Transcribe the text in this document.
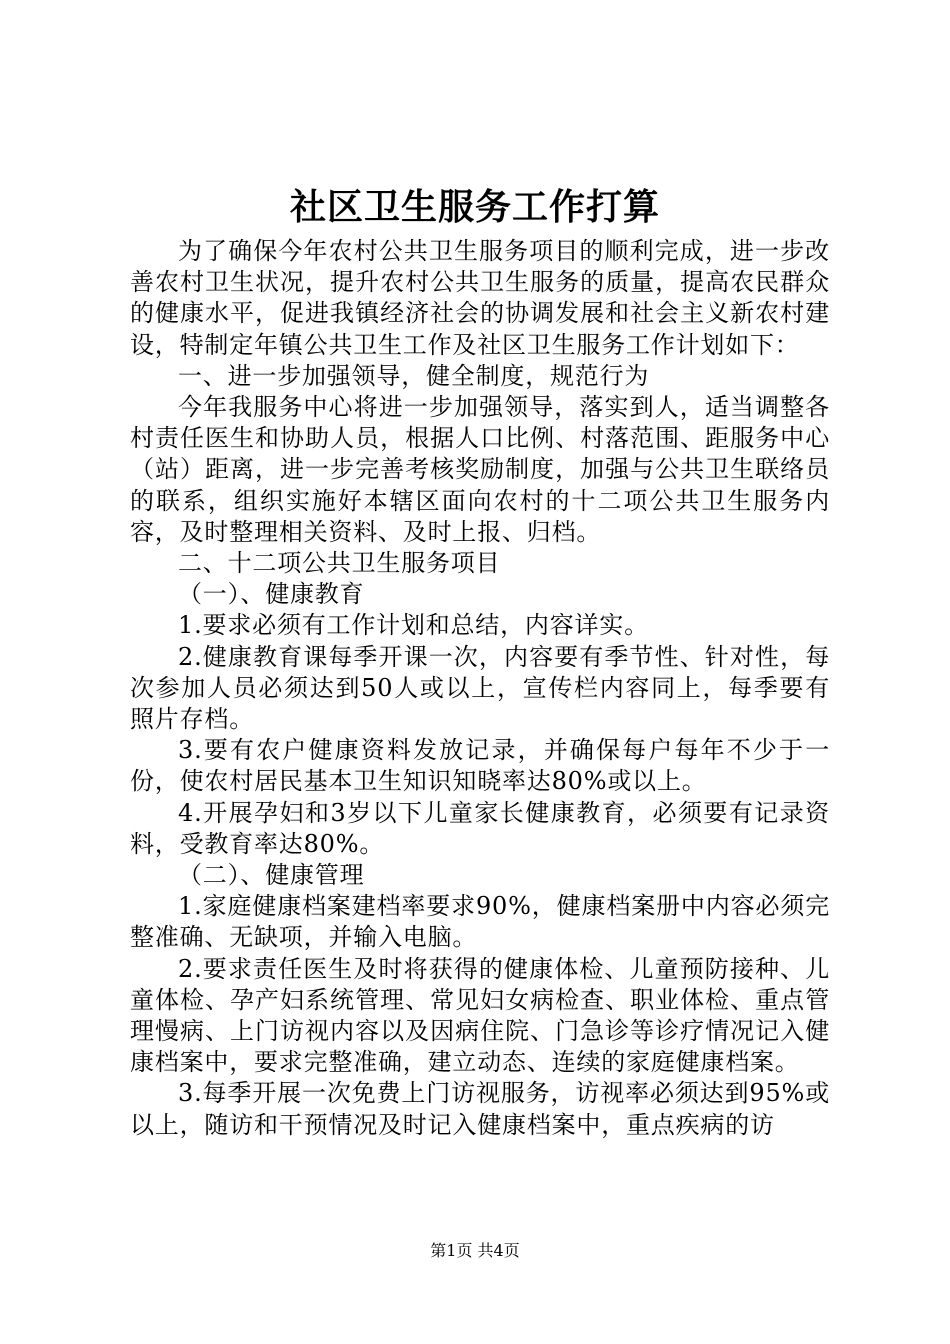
社区卫生服务工作打算

为了确保今年农村公共卫生服务项目的顺利完成，进一步改善农村卫生状况，提升农村公共卫生服务的质量，提高农民群众的健康水平，促进我镇经济社会的协调发展和社会主义新农村建设，特制定年镇公共卫生工作及社区卫生服务工作计划如下：

一、进一步加强领导，健全制度，规范行为

今年我服务中心将进一步加强领导，落实到人，适当调整各村责任医生和协助人员，根据人口比例、村落范围、距服务中心（站）距离，进一步完善考核奖励制度，加强与公共卫生联络员的联系，组织实施好本辖区面向农村的十二项公共卫生服务内容，及时整理相关资料、及时上报、归档。

二、十二项公共卫生服务项目

（一）、健康教育

1.要求必须有工作计划和总结，内容详实。

2.健康教育课每季开课一次，内容要有季节性、针对性，每次参加人员必须达到50人或以上，宣传栏内容同上，每季要有照片存档。

3.要有农户健康资料发放记录，并确保每户每年不少于一份，使农村居民基本卫生知识知晓率达80%或以上。

4.开展孕妇和3岁以下儿童家长健康教育，必须要有记录资料，受教育率达80%。

（二）、健康管理

1.家庭健康档案建档率要求90%，健康档案册中内容必须完整准确、无缺项，并输入电脑。

2.要求责任医生及时将获得的健康体检、儿童预防接种、儿童体检、孕产妇系统管理、常见妇女病检查、职业体检、重点管理慢病、上门访视内容以及因病住院、门急诊等诊疗情况记入健康档案中，要求完整准确，建立动态、连续的家庭健康档案。

3.每季开展一次免费上门访视服务，访视率必须达到95%或以上，随访和干预情况及时记入健康档案中，重点疾病的访

第1页 共4页
